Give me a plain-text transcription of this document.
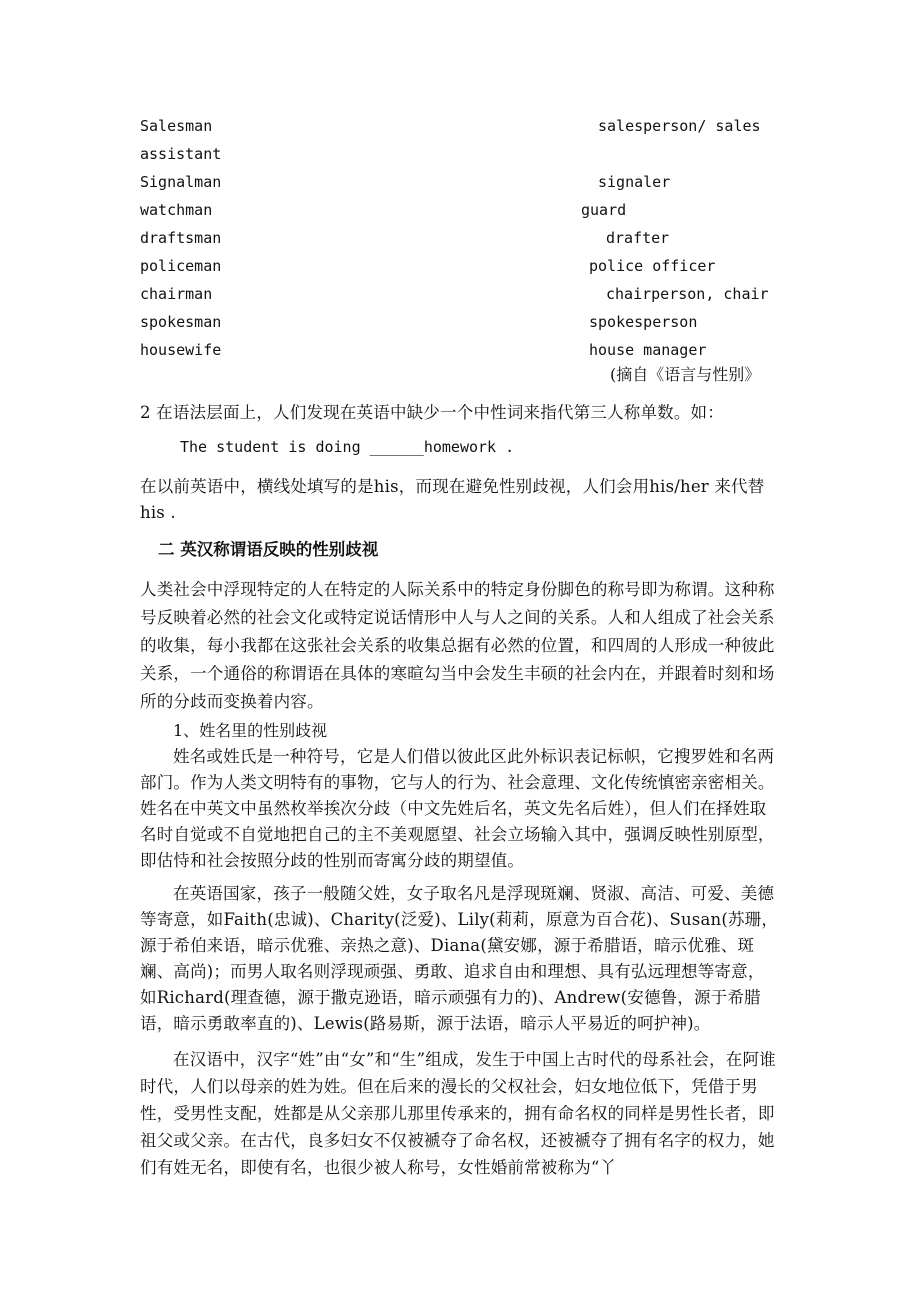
Salesman	salesperson/ sales
assistant
Signalman	signaler
watchman	guard
draftsman	drafter
policeman	police officer
chairman	chairperson, chair
spokesman	spokesperson
housewife	house manager
(摘自《语言与性别》
2 在语法层面上，人们发现在英语中缺少一个中性词来指代第三人称单数。如：
The student is doing ______homework .
在以前英语中，横线处填写的是his，而现在避免性别歧视，人们会用his/her 来代替his .
二 英汉称谓语反映的性别歧视
人类社会中浮现特定的人在特定的人际关系中的特定身份脚色的称号即为称谓。这种称号反映着必然的社会文化或特定说话情形中人与人之间的关系。人和人组成了社会关系的收集，每小我都在这张社会关系的收集总据有必然的位置，和四周的人形成一种彼此关系，一个通俗的称谓语在具体的寒暄勾当中会发生丰硕的社会内在，并跟着时刻和场所的分歧而变换着内容。
1、姓名里的性别歧视
姓名或姓氏是一种符号，它是人们借以彼此区此外标识表记标帜，它搜罗姓和名两部门。作为人类文明特有的事物，它与人的行为、社会意理、文化传统慎密亲密相关。姓名在中英文中虽然枚举挨次分歧（中文先姓后名，英文先名后姓），但人们在择姓取名时自觉或不自觉地把自己的主不美观愿望、社会立场输入其中，强调反映性别原型，即估恃和社会按照分歧的性别而寄寓分歧的期望值。
在英语国家，孩子一般随父姓，女子取名凡是浮现斑斓、贤淑、高洁、可爱、美德等寄意，如Faith(忠诚)、Charity(泛爱)、Lily(莉莉，原意为百合花)、Susan(苏珊，源于希伯来语，暗示优雅、亲热之意)、Diana(黛安娜，源于希腊语，暗示优雅、斑斓、高尚)；而男人取名则浮现顽强、勇敢、追求自由和理想、具有弘远理想等寄意，如Richard(理查德，源于撒克逊语，暗示顽强有力的)、Andrew(安德鲁，源于希腊语，暗示勇敢率直的)、Lewis(路易斯，源于法语，暗示人平易近的呵护神)。
在汉语中，汉字“姓”由“女”和“生”组成，发生于中国上古时代的母系社会，在阿谁时代，人们以母亲的姓为姓。但在后来的漫长的父权社会，妇女地位低下，凭借于男性，受男性支配，姓都是从父亲那儿那里传承来的，拥有命名权的同样是男性长者，即祖父或父亲。在古代，良多妇女不仅被褫夺了命名权，还被褫夺了拥有名字的权力，她们有姓无名，即使有名，也很少被人称号，女性婚前常被称为“丫
